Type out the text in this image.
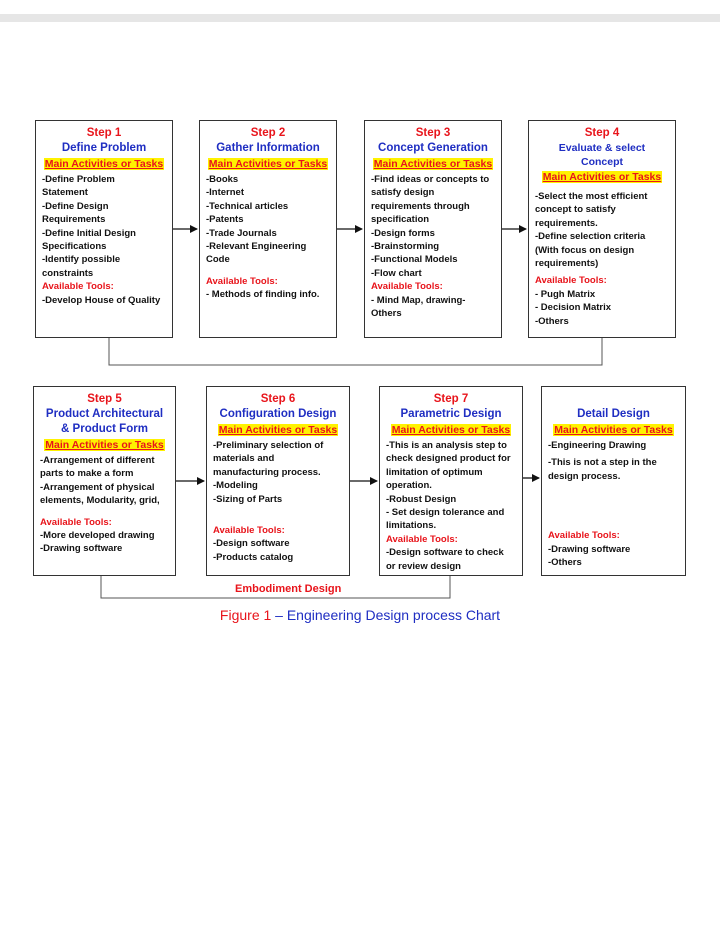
Step 1
Define Problem
Main Activities or Tasks
-Define Problem
Statement
-Define Design
Requirements
-Define Initial Design
Specifications
-Identify possible
constraints
Available Tools:
-Develop House of Quality
Step 2
Gather Information
Main Activities or Tasks
-Books
-Internet
-Technical articles
-Patents
-Trade Journals
-Relevant Engineering
Code
Available Tools:
- Methods of finding info.
Step 3
Concept Generation
Main Activities or Tasks
-Find ideas or concepts to
satisfy design
requirements through
specification
-Design forms
-Brainstorming
-Functional Models
-Flow chart
Available Tools:
- Mind Map, drawing-
Others
Step 4
Evaluate & select
Concept
Main Activities or Tasks
-Select the most efficient
concept to satisfy
requirements.
-Define selection criteria
(With focus on design
requirements)
Available Tools:
- Pugh Matrix
- Decision Matrix
-Others
Step 5
Product Architectural
& Product Form
Main Activities or Tasks
-Arrangement of different
parts to make a form
-Arrangement of physical
elements, Modularity, grid,
Available Tools:
-More developed drawing
-Drawing software
Step 6
Configuration Design
Main Activities or Tasks
-Preliminary selection of
materials and
manufacturing process.
-Modeling
-Sizing of Parts
Available Tools:
-Design software
-Products catalog
Step 7
Parametric Design
Main Activities or Tasks
-This is an analysis step to
check designed product for
limitation of optimum
operation.
-Robust Design
- Set design tolerance and
limitations.
Available Tools:
-Design software to check
or review design
Detail Design
Main Activities or Tasks
-Engineering Drawing
-This is not a step in the
design process.
Available Tools:
-Drawing software
-Others
Embodiment Design
Figure 1 – Engineering Design process Chart
